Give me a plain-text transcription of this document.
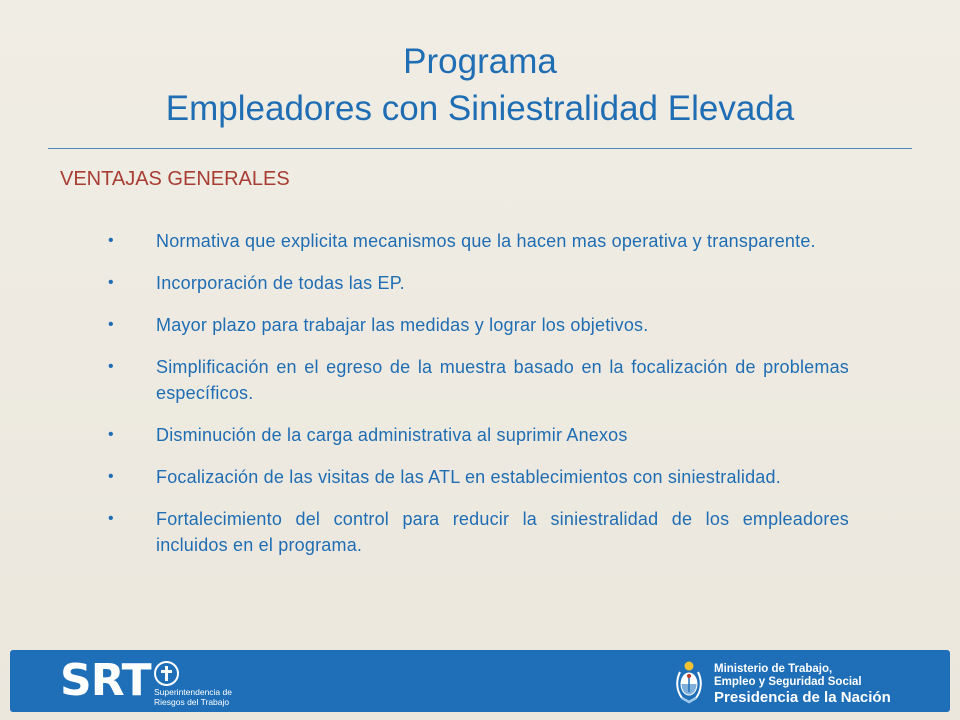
Programa
Empleadores con Siniestralidad Elevada
VENTAJAS GENERALES
•	Normativa que explicita mecanismos que la hacen mas operativa y transparente.
•	Incorporación de todas las EP.
•	Mayor plazo para trabajar las medidas y lograr los objetivos.
•	Simplificación en el egreso de la muestra basado en la focalización de problemas específicos.
•	Disminución de la carga administrativa al suprimir Anexos
•	Focalización de las visitas de las ATL en establecimientos con siniestralidad.
•	Fortalecimiento del control para reducir la siniestralidad de los empleadores incluidos en el programa.
SRT Superintendencia de
Riesgos del Trabajo
Ministerio de Trabajo,
Empleo y Seguridad Social
Presidencia de la Nación
